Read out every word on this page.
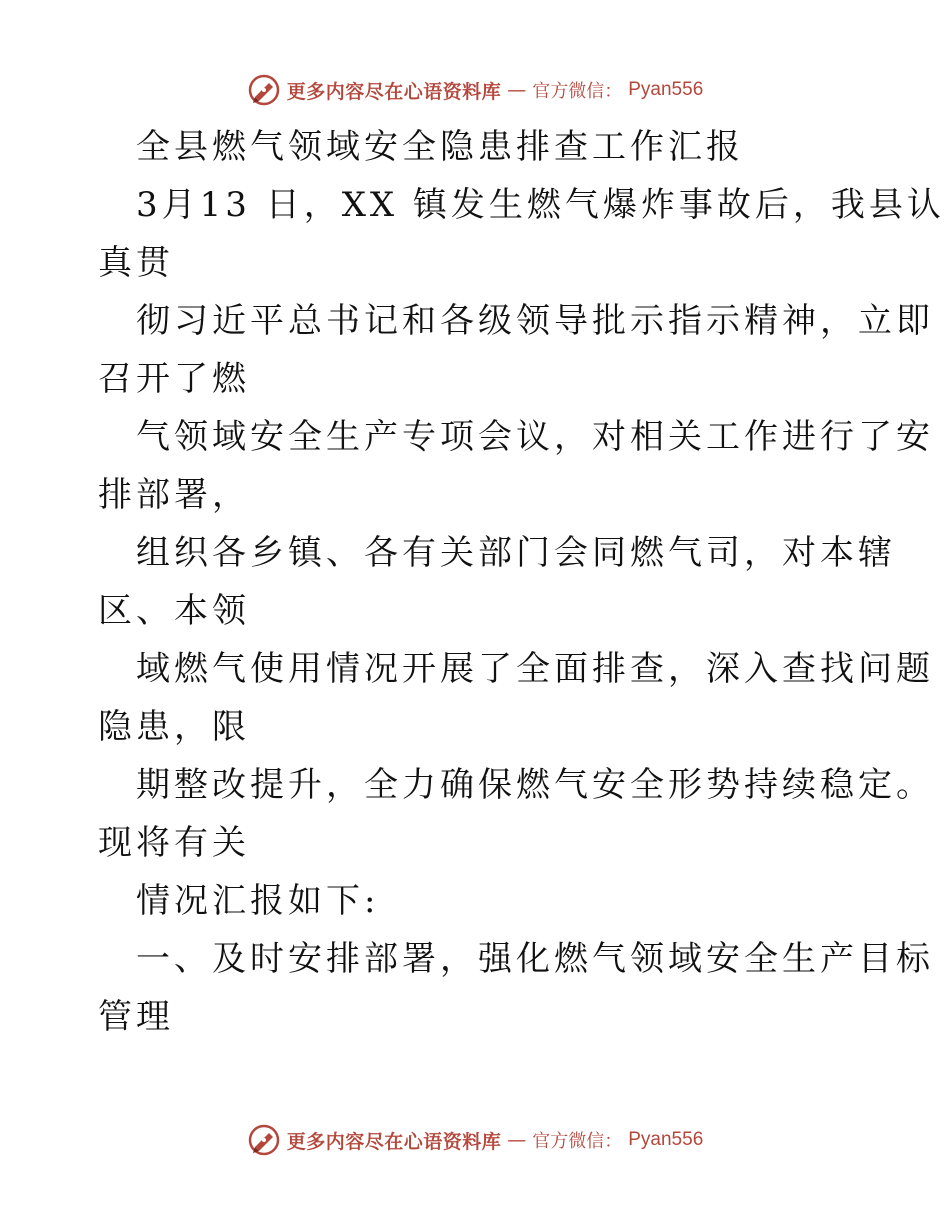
更多内容尽在心语资料库 — 官方微信： Pyan556
全县燃气领域安全隐患排查工作汇报
3月13 日，XX 镇发生燃气爆炸事故后，我县认
真贯
彻习近平总书记和各级领导批示指示精神，立即
召开了燃
气领域安全生产专项会议，对相关工作进行了安
排部署，
组织各乡镇、各有关部门会同燃气司，对本辖
区、本领
域燃气使用情况开展了全面排查，深入查找问题
隐患，限
期整改提升，全力确保燃气安全形势持续稳定。
现将有关
情况汇报如下:
一、及时安排部署，强化燃气领域安全生产目标
管理
更多内容尽在心语资料库 — 官方微信： Pyan556
